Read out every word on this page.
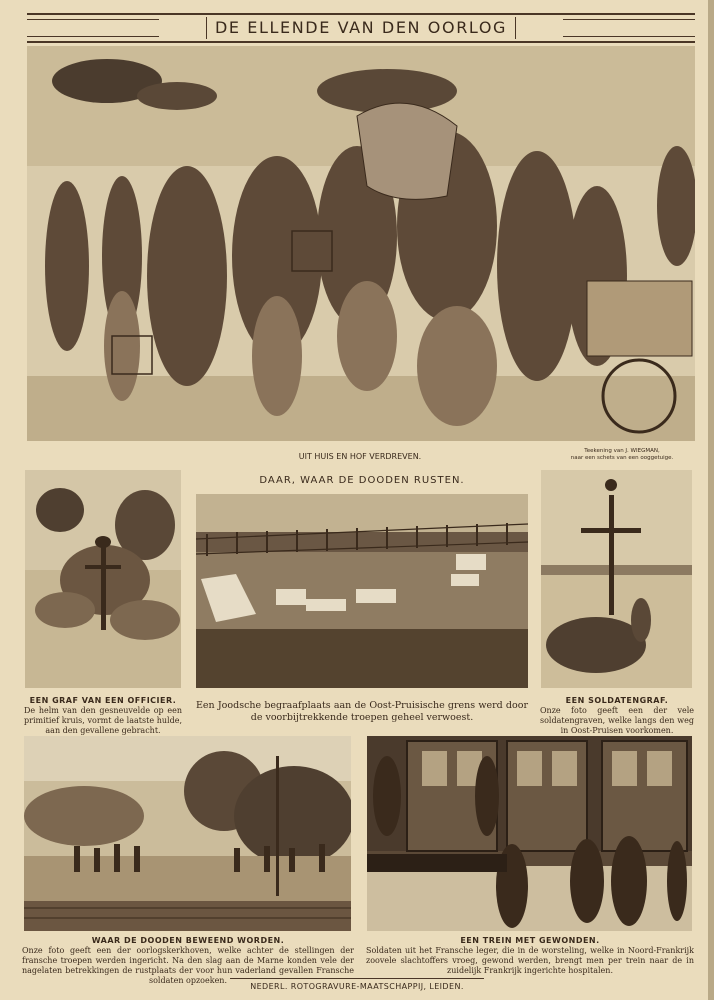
DE ELLENDE VAN DEN OORLOG
UIT HUIS EN HOF VERDREVEN.
Teekening van J. WIEGMAN,
naar een schets van een ooggetuige.
DAAR, WAAR DE DOODEN RUSTEN.
EEN GRAF VAN EEN OFFICIER.
De helm van den gesneuvelde op een primitief kruis, vormt de laatste hulde, aan den gevallene gebracht.
Een Joodsche begraafplaats aan de Oost-Pruisische grens werd door de voorbijtrekkende troepen geheel verwoest.
EEN SOLDATENGRAF.
Onze foto geeft een der vele soldatengraven, welke langs den weg in Oost-Pruisen voorkomen.
WAAR DE DOODEN BEWEEND WORDEN.
Onze foto geeft een der oorlogskerkhoven, welke achter de stellingen der fransche troepen werden ingericht. Na den slag aan de Marne konden vele der nagelaten betrekkingen de rustplaats der voor hun vaderland gevallen Fransche soldaten opzoeken.
EEN TREIN MET GEWONDEN.
Soldaten uit het Fransche leger, die in de worsteling, welke in Noord-Frankrijk zoovele slachtoffers vroeg, gewond werden, brengt men per trein naar de in zuidelijk Frankrijk ingerichte hospitalen.
NEDERL. ROTOGRAVURE-MAATSCHAPPIJ, LEIDEN.
